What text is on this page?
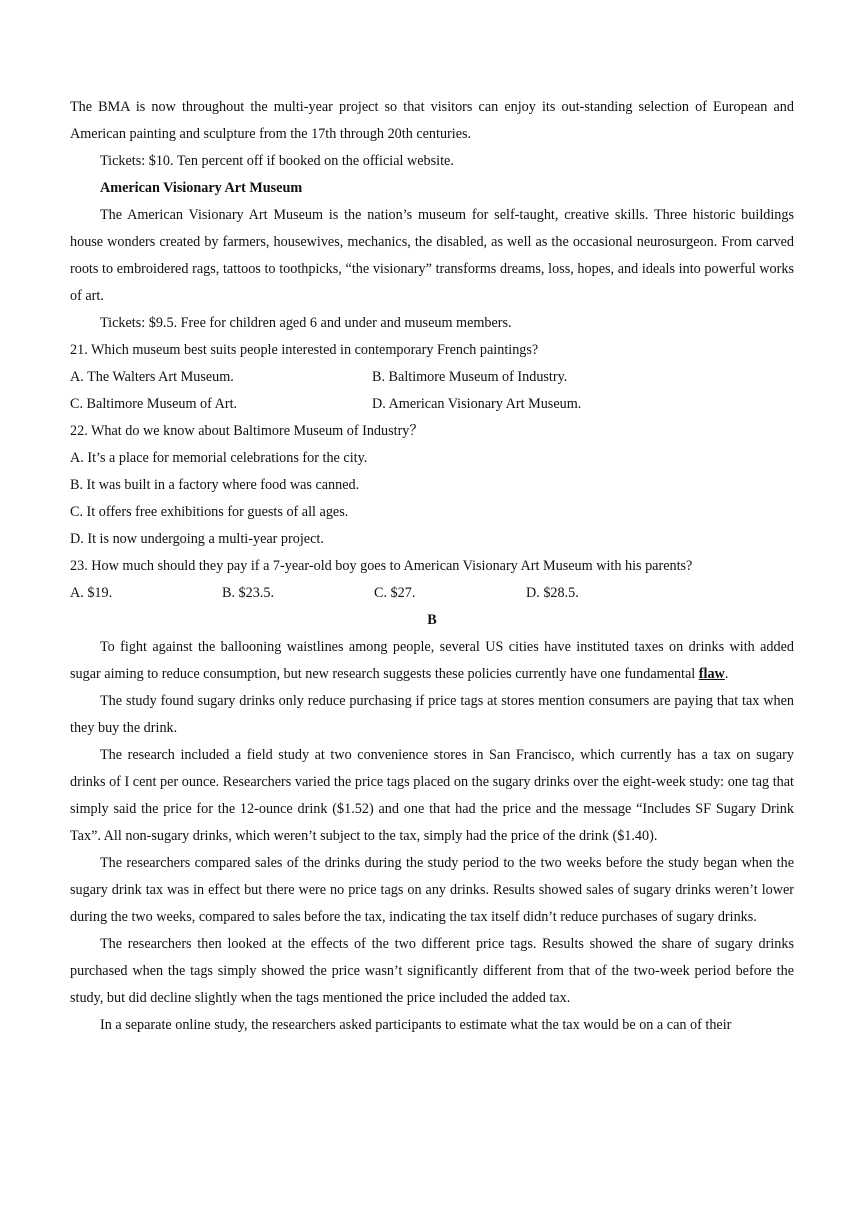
The BMA is now throughout the multi-year project so that visitors can enjoy its out-standing selection of European and American painting and sculpture from the 17th through 20th centuries.

Tickets: $10. Ten percent off if booked on the official website.

American Visionary Art Museum

The American Visionary Art Museum is the nation’s museum for self-taught, creative skills. Three historic buildings house wonders created by farmers, housewives, mechanics, the disabled, as well as the occasional neurosurgeon. From carved roots to embroidered rags, tattoos to toothpicks, “the visionary” transforms dreams, loss, hopes, and ideals into powerful works of art.

Tickets: $9.5. Free for children aged 6 and under and museum members.

21. Which museum best suits people interested in contemporary French paintings?

A. The Walters Art Museum.	B. Baltimore Museum of Industry.
C. Baltimore Museum of Art.	D. American Visionary Art Museum.

22. What do we know about Baltimore Museum of Industry？

A. It’s a place for memorial celebrations for the city.

B. It was built in a factory where food was canned.

C. It offers free exhibitions for guests of all ages.

D. It is now undergoing a multi-year project.

23. How much should they pay if a 7-year-old boy goes to American Visionary Art Museum with his parents?

A. $19.	B. $23.5.	C. $27.	D. $28.5.

B

To fight against the ballooning waistlines among people, several US cities have instituted taxes on drinks with added sugar aiming to reduce consumption, but new research suggests these policies currently have one fundamental flaw.

The study found sugary drinks only reduce purchasing if price tags at stores mention consumers are paying that tax when they buy the drink.

The research included a field study at two convenience stores in San Francisco, which currently has a tax on sugary drinks of I cent per ounce. Researchers varied the price tags placed on the sugary drinks over the eight-week study: one tag that simply said the price for the 12-ounce drink ($1.52) and one that had the price and the message “Includes SF Sugary Drink Tax”. All non-sugary drinks, which weren’t subject to the tax, simply had the price of the drink ($1.40).

The researchers compared sales of the drinks during the study period to the two weeks before the study began when the sugary drink tax was in effect but there were no price tags on any drinks. Results showed sales of sugary drinks weren’t lower during the two weeks, compared to sales before the tax, indicating the tax itself didn’t reduce purchases of sugary drinks.

The researchers then looked at the effects of the two different price tags. Results showed the share of sugary drinks purchased when the tags simply showed the price wasn’t significantly different from that of the two-week period before the study, but did decline slightly when the tags mentioned the price included the added tax.

In a separate online study, the researchers asked participants to estimate what the tax would be on a can of their
